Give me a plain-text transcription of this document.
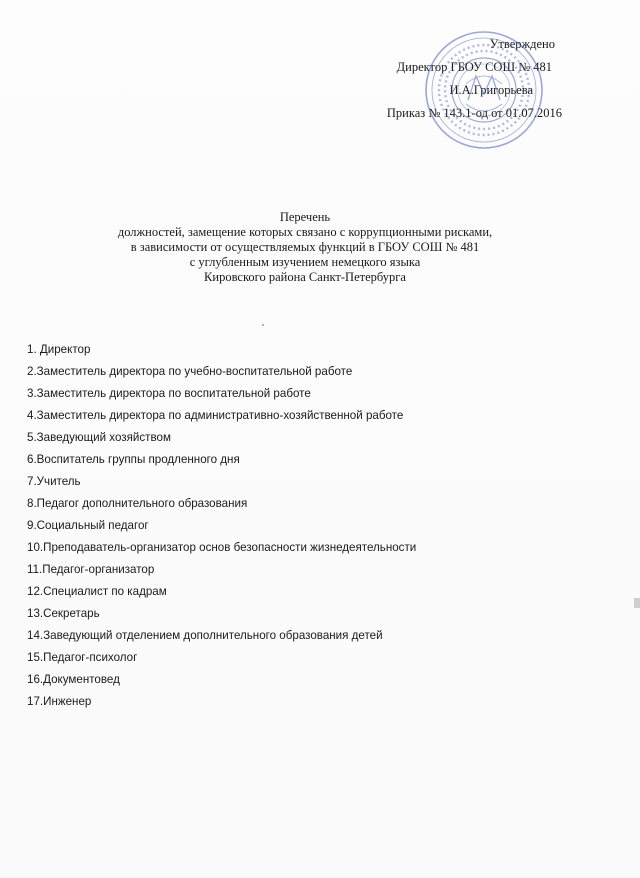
Утверждено
Директор ГБОУ СОШ № 481
И.А.Григорьева
Приказ № 143.1-од от 01.07.2016
Перечень
должностей, замещение которых связано с коррупционными рисками,
в зависимости от осуществляемых функций в ГБОУ СОШ № 481
с углубленным изучением немецкого языка
Кировского района Санкт-Петербурга
1. Директор
2.Заместитель директора по учебно-воспитательной работе
3.Заместитель директора по воспитательной работе
4.Заместитель директора по административно-хозяйственной работе
5.Заведующий хозяйством
6.Воспитатель группы продленного дня
7.Учитель
8.Педагог дополнительного образования
9.Социальный педагог
10.Преподаватель-организатор основ безопасности жизнедеятельности
11.Педагог-организатор
12.Специалист по кадрам
13.Секретарь
14.Заведующий отделением дополнительного образования детей
15.Педагог-психолог
16.Документовед
17.Инженер
